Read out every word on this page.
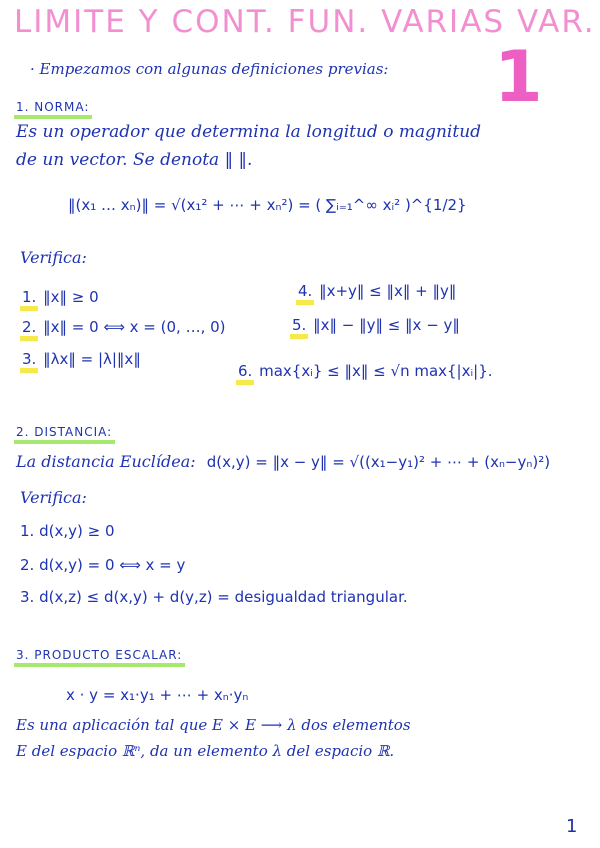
LIMITE Y CONT. FUN. VARIAS VAR.
1
· Empezamos con algunas definiciones previas:
1. NORMA:
Es un operador que determina la longitud o magnitud
de un vector. Se denota ‖ ‖.
‖(x₁ … xₙ)‖ = √(x₁² + ⋯ + xₙ²) = ( ∑ᵢ₌₁^∞ xᵢ² )^{1/2}
Verifica:
1. ‖x‖ ≥ 0
2. ‖x‖ = 0 ⟺ x = (0, …, 0)
3. ‖λx‖ = |λ|‖x‖
4. ‖x+y‖ ≤ ‖x‖ + ‖y‖
5. ‖x‖ − ‖y‖ ≤ ‖x − y‖
6. max{xᵢ} ≤ ‖x‖ ≤ √n max{|xᵢ|}.
2. DISTANCIA:
La distancia Euclídea: d(x,y) = ‖x − y‖ = √((x₁−y₁)² + ⋯ + (xₙ−yₙ)²)
Verifica:
1. d(x,y) ≥ 0
2. d(x,y) = 0 ⟺ x = y
3. d(x,z) ≤ d(x,y) + d(y,z) = desigualdad triangular.
3. PRODUCTO ESCALAR:
x · y = x₁·y₁ + ⋯ + xₙ·yₙ
Es una aplicación tal que E × E ⟶ λ dos elementos
E del espacio ℝⁿ, da un elemento λ del espacio ℝ.
1
